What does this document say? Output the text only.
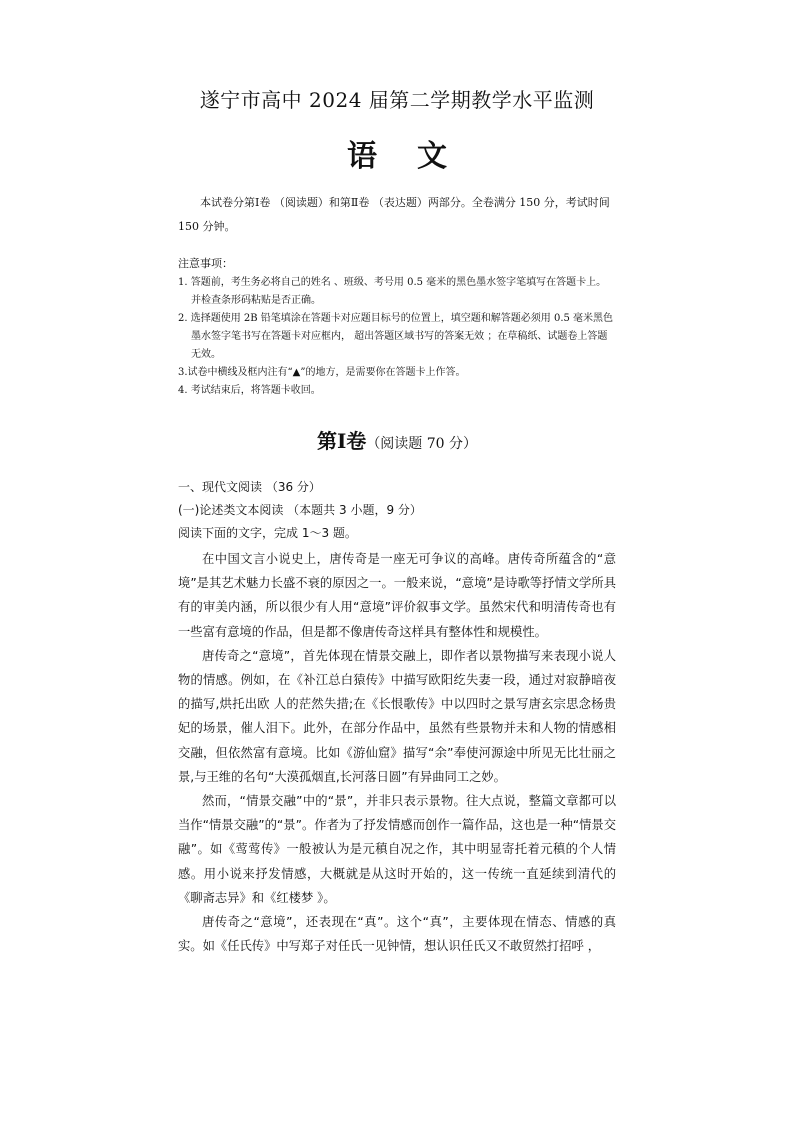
遂宁市高中 2024 届第二学期教学水平监测
语文
本试卷分第Ⅰ卷 （阅读题）和第Ⅱ卷 （表达题）两部分。全卷满分 150 分，考试时间 150 分钟。
注意事项：
1. 答题前，考生务必将自己的姓名 、班级、考号用 0.5 毫米的黑色墨水签字笔填写在答题卡上。并检查条形码粘贴是否正确。
2. 选择题使用 2B 铅笔填涂在答题卡对应题目标号的位置上，填空题和解答题必须用 0.5 毫米黑色墨水签字笔书写在答题卡对应框内， 超出答题区域书写的答案无效 ；在草稿纸、试题卷上答题无效。
3.试卷中横线及框内注有“▲”的地方，是需要你在答题卡上作答。
4. 考试结束后，将答题卡收回。
第Ⅰ卷（阅读题 70 分）
一、现代文阅读 （36 分）
(一)论述类文本阅读 （本题共 3 小题，9 分）
阅读下面的文字，完成 1～3 题。

在中国文言小说史上，唐传奇是一座无可争议的高峰。唐传奇所蕴含的“意境”是其艺术魅力长盛不衰的原因之一。一般来说，“意境”是诗歌等抒情文学所具有的审美内涵，所以很少有人用“意境”评价叙事文学。虽然宋代和明清传奇也有一些富有意境的作品，但是都不像唐传奇这样具有整体性和规模性。

唐传奇之“意境”，首先体现在情景交融上，即作者以景物描写来表现小说人物的情感。例如，在《补江总白猿传》中描写欧阳纥失妻一段，通过对寂静暗夜的描写,烘托出欧 人的茫然失措;在《长恨歌传》中以四时之景写唐玄宗思念杨贵妃的场景，催人泪下。此外，在部分作品中，虽然有些景物并未和人物的情感相交融，但依然富有意境。比如《游仙窟》描写“余”奉使河源途中所见无比壮丽之景,与王维的名句“大漠孤烟直,长河落日圆”有异曲同工之妙。

然而，“情景交融”中的“景”，并非只表示景物。往大点说，整篇文章都可以当作“情景交融”的“景”。作者为了抒发情感而创作一篇作品，这也是一种“情景交融”。如《莺莺传》一般被认为是元稹自况之作，其中明显寄托着元稹的个人情感。用小说来抒发情感，大概就是从这时开始的，这一传统一直延续到清代的《聊斋志异》和《红楼梦 》。

唐传奇之“意境”，还表现在“真”。这个“真”，主要体现在情态、情感的真实。如《任氏传》中写郑子对任氏一见钟情，想认识任氏又不敢贸然打招呼 ，
